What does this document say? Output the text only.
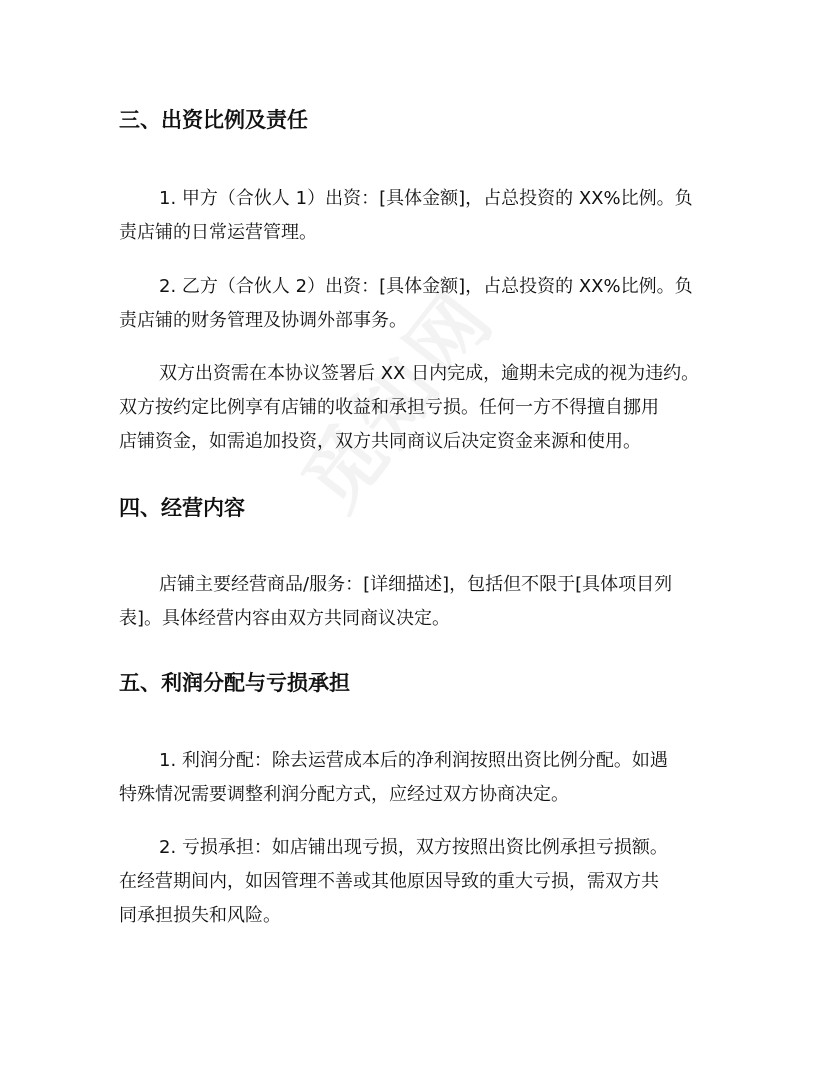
三、出资比例及责任
1. 甲方（合伙人 1）出资：[具体金额]，占总投资的 XX%比例。负
责店铺的日常运营管理。
2. 乙方（合伙人 2）出资：[具体金额]，占总投资的 XX%比例。负
责店铺的财务管理及协调外部事务。
双方出资需在本协议签署后 XX 日内完成，逾期未完成的视为违约。
双方按约定比例享有店铺的收益和承担亏损。任何一方不得擅自挪用
店铺资金，如需追加投资，双方共同商议后决定资金来源和使用。
四、经营内容
店铺主要经营商品/服务：[详细描述]，包括但不限于[具体项目列
表]。具体经营内容由双方共同商议决定。
五、利润分配与亏损承担
1. 利润分配：除去运营成本后的净利润按照出资比例分配。如遇
特殊情况需要调整利润分配方式，应经过双方协商决定。
2. 亏损承担：如店铺出现亏损，双方按照出资比例承担亏损额。
在经营期间内，如因管理不善或其他原因导致的重大亏损，需双方共
同承担损失和风险。
